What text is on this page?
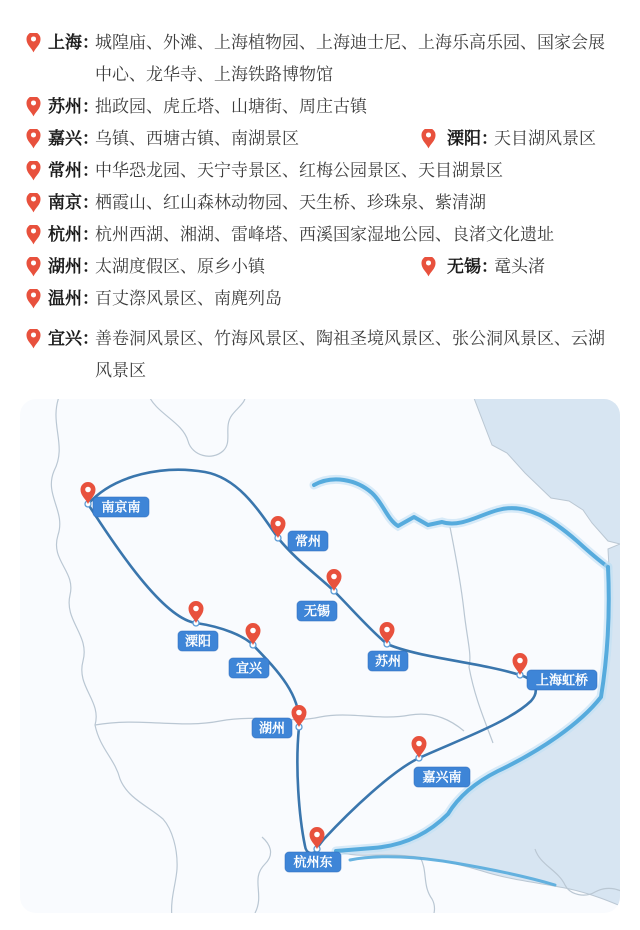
上海：
城隍庙、外滩、上海植物园、上海迪士尼、上海乐高乐园、国家会展中心、龙华寺、上海铁路博物馆
苏州：
拙政园、虎丘塔、山塘街、周庄古镇
嘉兴：
乌镇、西塘古镇、南湖景区	溧阳：
天目湖风景区
常州：
中华恐龙园、天宁寺景区、红梅公园景区、天目湖景区
南京：
栖霞山、红山森林动物园、天生桥、珍珠泉、紫清湖
杭州：
杭州西湖、湘湖、雷峰塔、西溪国家湿地公园、良渚文化遗址
湖州：
太湖度假区、原乡小镇	无锡：
鼋头渚
温州：
百丈漈风景区、南麂列岛
宜兴：
善卷洞风景区、竹海风景区、陶祖圣境风景区、张公洞风景区、云湖风景区
南京南
常州
无锡
苏州
上海虹桥
嘉兴南
杭州东
湖州
宜兴
溧阳
